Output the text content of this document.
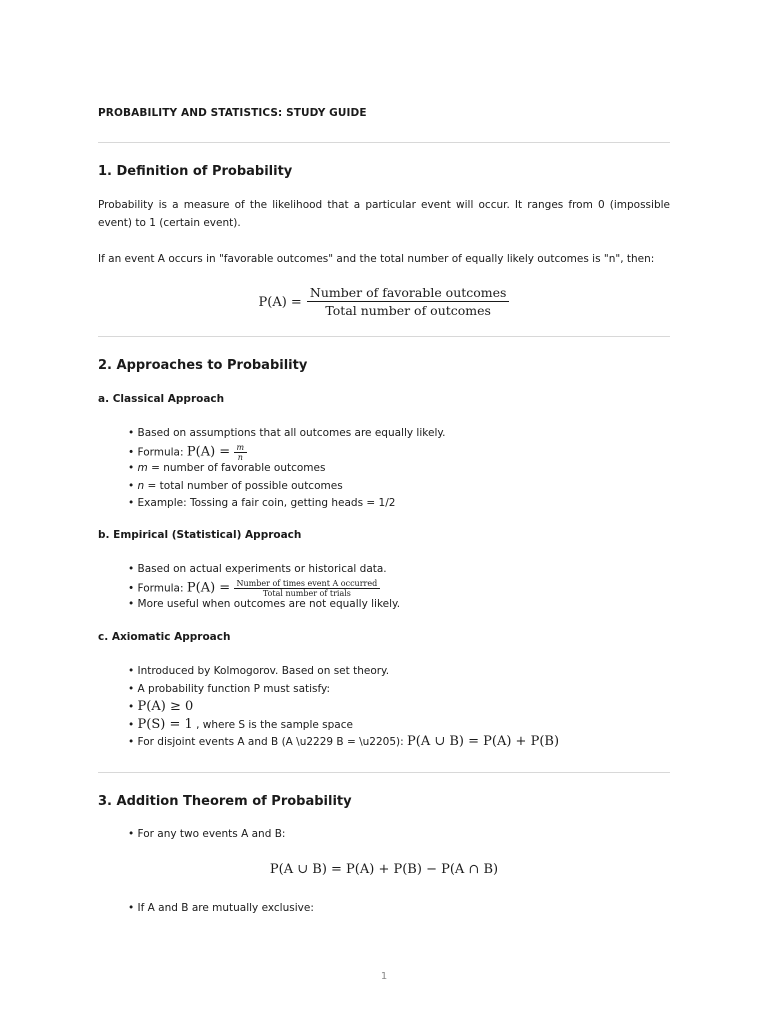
PROBABILITY AND STATISTICS: STUDY GUIDE
1. Definition of Probability
Probability is a measure of the likelihood that a particular event will occur. It ranges from 0 (impossible event) to 1 (certain event).
If an event A occurs in "favorable outcomes" and the total number of equally likely outcomes is "n", then:
$P(A) = \frac{\text{Number of favorable outcomes}}{\text{Total number of outcomes}}$
2. Approaches to Probability
a. Classical Approach
• Based on assumptions that all outcomes are equally likely.
• Formula: $P(A) = \frac{m}{n}$
• m = number of favorable outcomes
• n = total number of possible outcomes
• Example: Tossing a fair coin, getting heads = 1/2
b. Empirical (Statistical) Approach
• Based on actual experiments or historical data.
• Formula: $P(A) = \frac{\text{Number of times event A occurred}}{\text{Total number of trials}}$
• More useful when outcomes are not equally likely.
c. Axiomatic Approach
• Introduced by Kolmogorov. Based on set theory.
• A probability function P must satisfy:
• P(A) ≥ 0
• P(S) = 1 , where S is the sample space
• For disjoint events A and B (A \u2229 B = \u2205): P(A ∪ B) = P(A) + P(B)
3. Addition Theorem of Probability
• For any two events A and B:
P(A ∪ B) = P(A) + P(B) − P(A ∩ B)
• If A and B are mutually exclusive:
1
